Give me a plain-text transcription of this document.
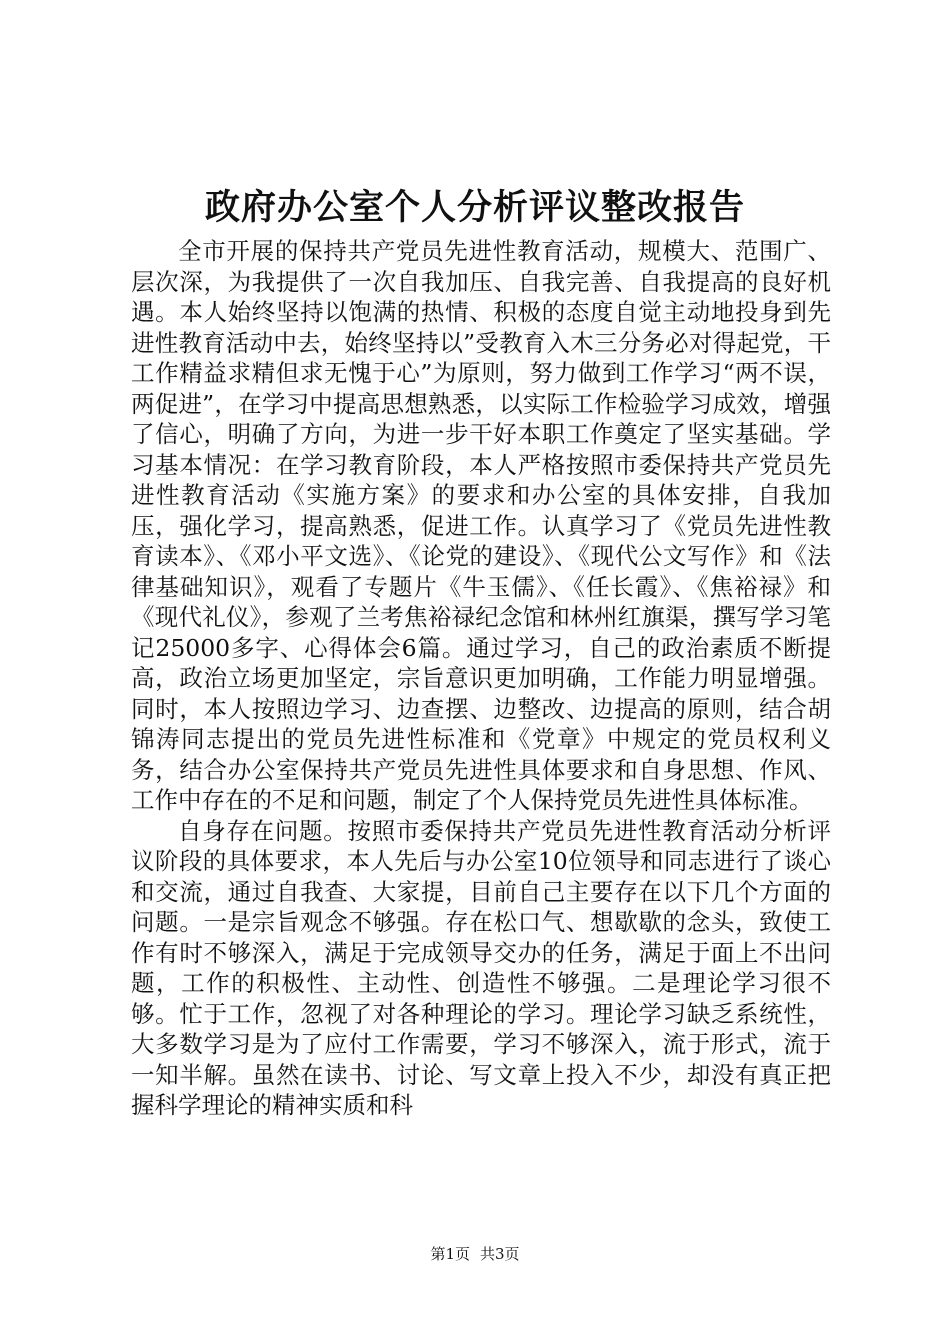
政府办公室个人分析评议整改报告

全市开展的保持共产党员先进性教育活动，规模大、范围广、层次深，为我提供了一次自我加压、自我完善、自我提高的良好机遇。本人始终坚持以饱满的热情、积极的态度自觉主动地投身到先进性教育活动中去，始终坚持以”受教育入木三分务必对得起党，干工作精益求精但求无愧于心”为原则，努力做到工作学习“两不误，两促进”，在学习中提高思想熟悉，以实际工作检验学习成效，增强了信心，明确了方向，为进一步干好本职工作奠定了坚实基础。学习基本情况：在学习教育阶段，本人严格按照市委保持共产党员先进性教育活动《实施方案》的要求和办公室的具体安排，自我加压，强化学习，提高熟悉，促进工作。认真学习了《党员先进性教育读本》、《邓小平文选》、《论党的建设》、《现代公文写作》和《法律基础知识》，观看了专题片《牛玉儒》、《任长霞》、《焦裕禄》和《现代礼仪》，参观了兰考焦裕禄纪念馆和林州红旗渠，撰写学习笔记25000多字、心得体会6篇。通过学习，自己的政治素质不断提高，政治立场更加坚定，宗旨意识更加明确，工作能力明显增强。同时，本人按照边学习、边查摆、边整改、边提高的原则，结合胡锦涛同志提出的党员先进性标准和《党章》中规定的党员权利义务，结合办公室保持共产党员先进性具体要求和自身思想、作风、工作中存在的不足和问题，制定了个人保持党员先进性具体标准。

自身存在问题。按照市委保持共产党员先进性教育活动分析评议阶段的具体要求，本人先后与办公室10位领导和同志进行了谈心和交流，通过自我查、大家提，目前自己主要存在以下几个方面的问题。一是宗旨观念不够强。存在松口气、想歇歇的念头，致使工作有时不够深入，满足于完成领导交办的任务，满足于面上不出问题，工作的积极性、主动性、创造性不够强。二是理论学习很不够。忙于工作，忽视了对各种理论的学习。理论学习缺乏系统性，大多数学习是为了应付工作需要，学习不够深入，流于形式，流于一知半解。虽然在读书、讨论、写文章上投入不少，却没有真正把握科学理论的精神实质和科

第1页 共3页
